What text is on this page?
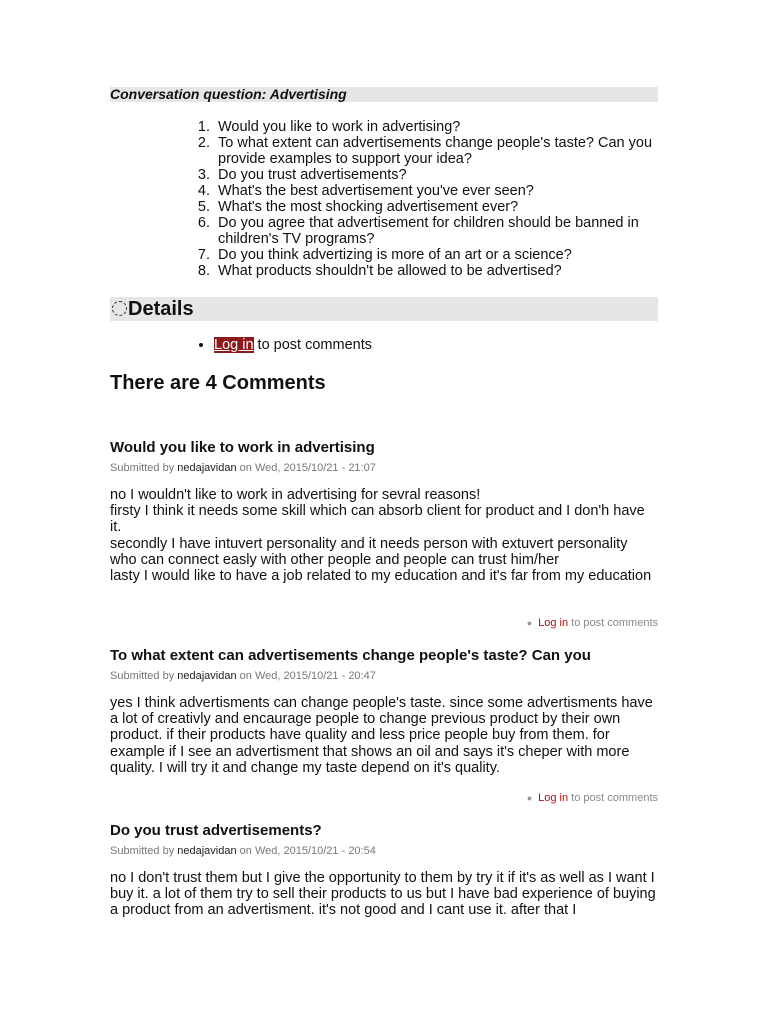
Conversation question: Advertising
1. Would you like to work in advertising?
2. To what extent can advertisements change people's taste? Can you provide examples to support your idea?
3. Do you trust advertisements?
4. What's the best advertisement you've ever seen?
5. What's the most shocking advertisement ever?
6. Do you agree that advertisement for children should be banned in children's TV programs?
7. Do you think advertizing is more of an art or a science?
8. What products shouldn't be allowed to be advertised?
Details
• Log in to post comments
There are 4 Comments
Would you like to work in advertising
Submitted by nedajavidan on Wed, 2015/10/21 - 21:07

no I wouldn't like to work in advertising for sevral reasons!

firsty I think it needs some skill which can absorb client for product and I don'h have it.

secondly I have intuvert personality and it needs person with extuvert personality who can connect easly with other people and people can trust him/her

lasty I would like to have a job related to my education and it's far from my education

● Log in to post comments
To what extent can advertisements change people's taste? Can you
Submitted by nedajavidan on Wed, 2015/10/21 - 20:47

yes I think advertisments can change people's taste. since some advertisments have a lot of creativly and encaurage people to change previous product by their own product. if their products have quality and less price people buy from them. for example if I see an advertisment that shows an oil and says it's cheper with more quality. I will try it and change my taste depend on it's quality.

● Log in to post comments
Do you trust advertisements?
Submitted by nedajavidan on Wed, 2015/10/21 - 20:54

no I don't trust them but I give the opportunity to them by try it if it's as well as I want I buy it. a lot of them try to sell their products to us but I have bad experience of buying a product from an advertisment. it's not good and I cant use it. after that I
